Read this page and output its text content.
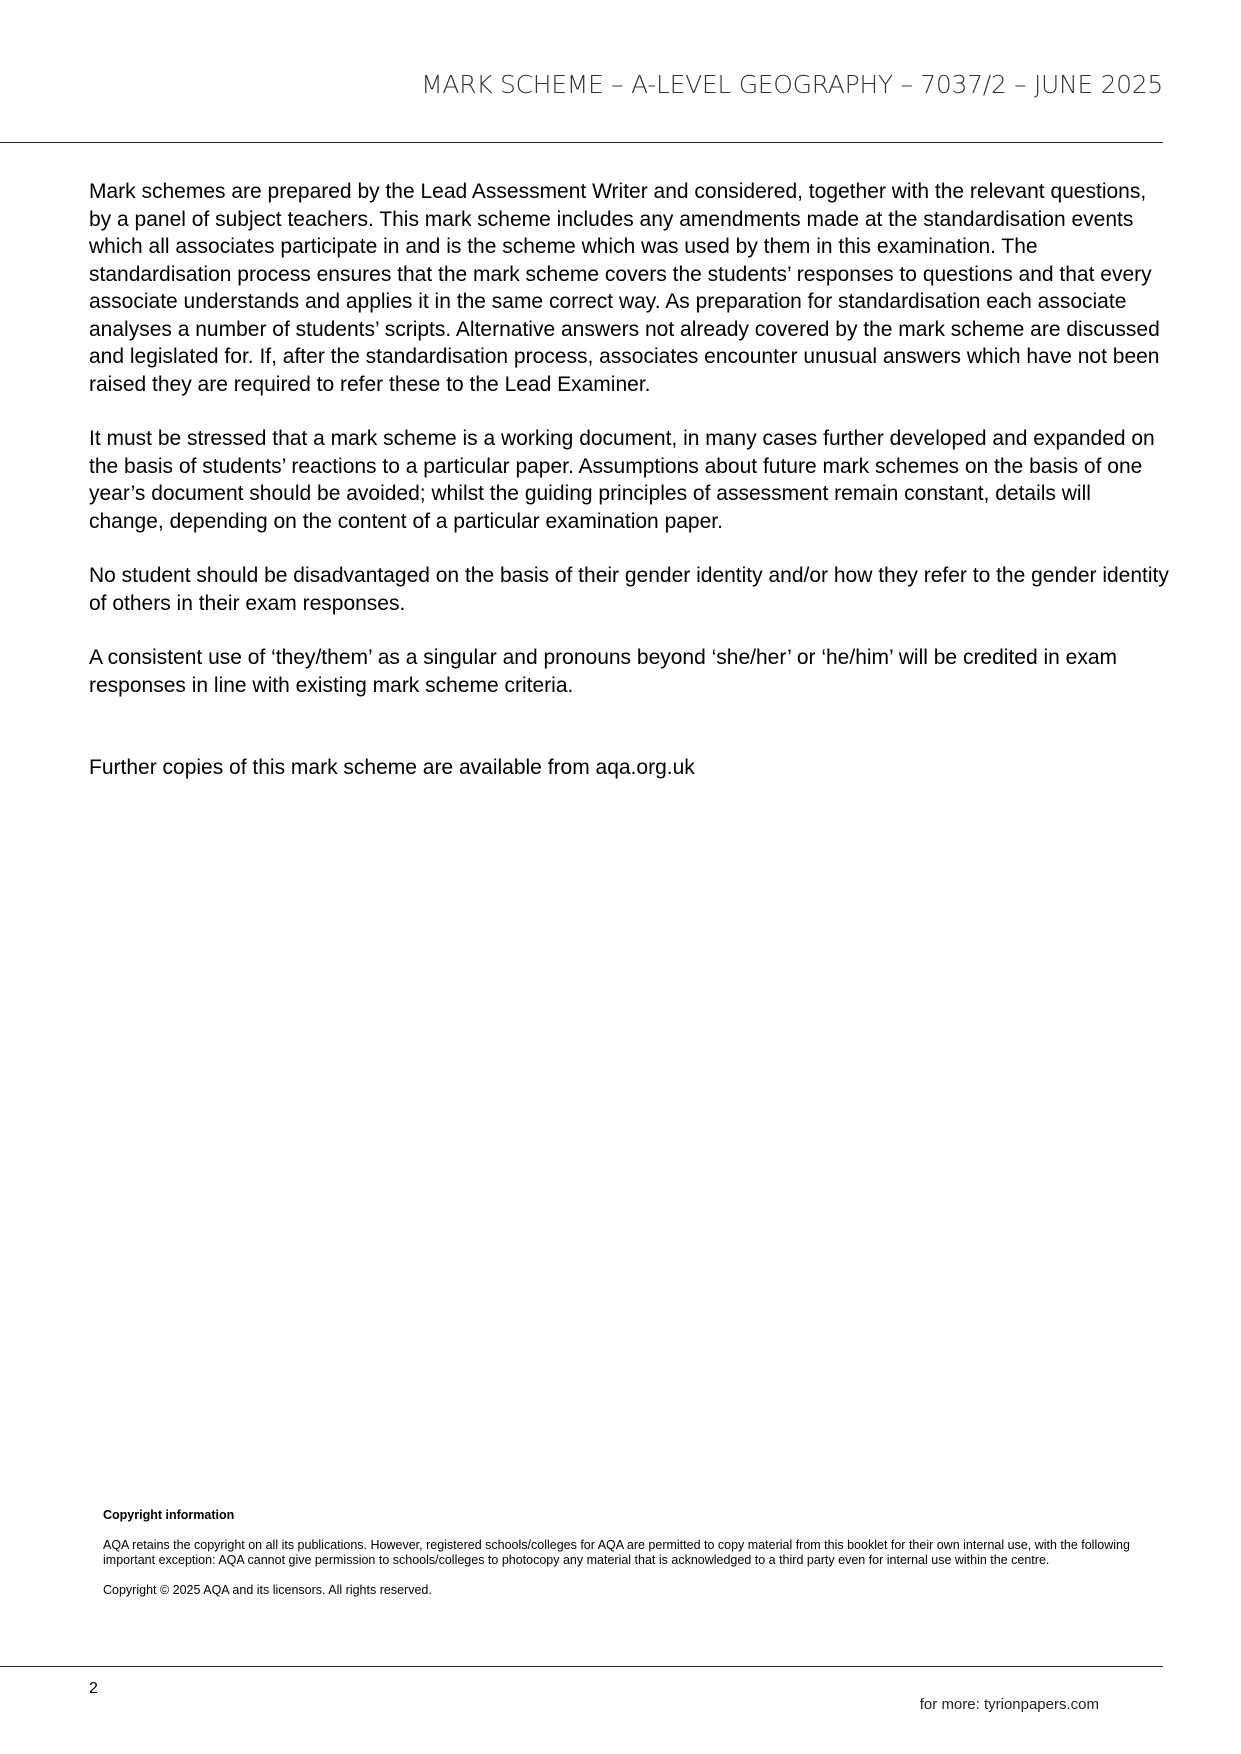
MARK SCHEME – A-LEVEL GEOGRAPHY – 7037/2 – JUNE 2025

Mark schemes are prepared by the Lead Assessment Writer and considered, together with the relevant questions, by a panel of subject teachers. This mark scheme includes any amendments made at the standardisation events which all associates participate in and is the scheme which was used by them in this examination. The standardisation process ensures that the mark scheme covers the students’ responses to questions and that every associate understands and applies it in the same correct way. As preparation for standardisation each associate analyses a number of students’ scripts. Alternative answers not already covered by the mark scheme are discussed and legislated for. If, after the standardisation process, associates encounter unusual answers which have not been raised they are required to refer these to the Lead Examiner.

It must be stressed that a mark scheme is a working document, in many cases further developed and expanded on the basis of students’ reactions to a particular paper. Assumptions about future mark schemes on the basis of one year’s document should be avoided; whilst the guiding principles of assessment remain constant, details will change, depending on the content of a particular examination paper.

No student should be disadvantaged on the basis of their gender identity and/or how they refer to the gender identity of others in their exam responses.

A consistent use of ‘they/them’ as a singular and pronouns beyond ‘she/her’ or ‘he/him’ will be credited in exam responses in line with existing mark scheme criteria.

Further copies of this mark scheme are available from aqa.org.uk

Copyright information

AQA retains the copyright on all its publications. However, registered schools/colleges for AQA are permitted to copy material from this booklet for their own internal use, with the following important exception: AQA cannot give permission to schools/colleges to photocopy any material that is acknowledged to a third party even for internal use within the centre.

Copyright © 2025 AQA and its licensors. All rights reserved.

2
for more: tyrionpapers.com
